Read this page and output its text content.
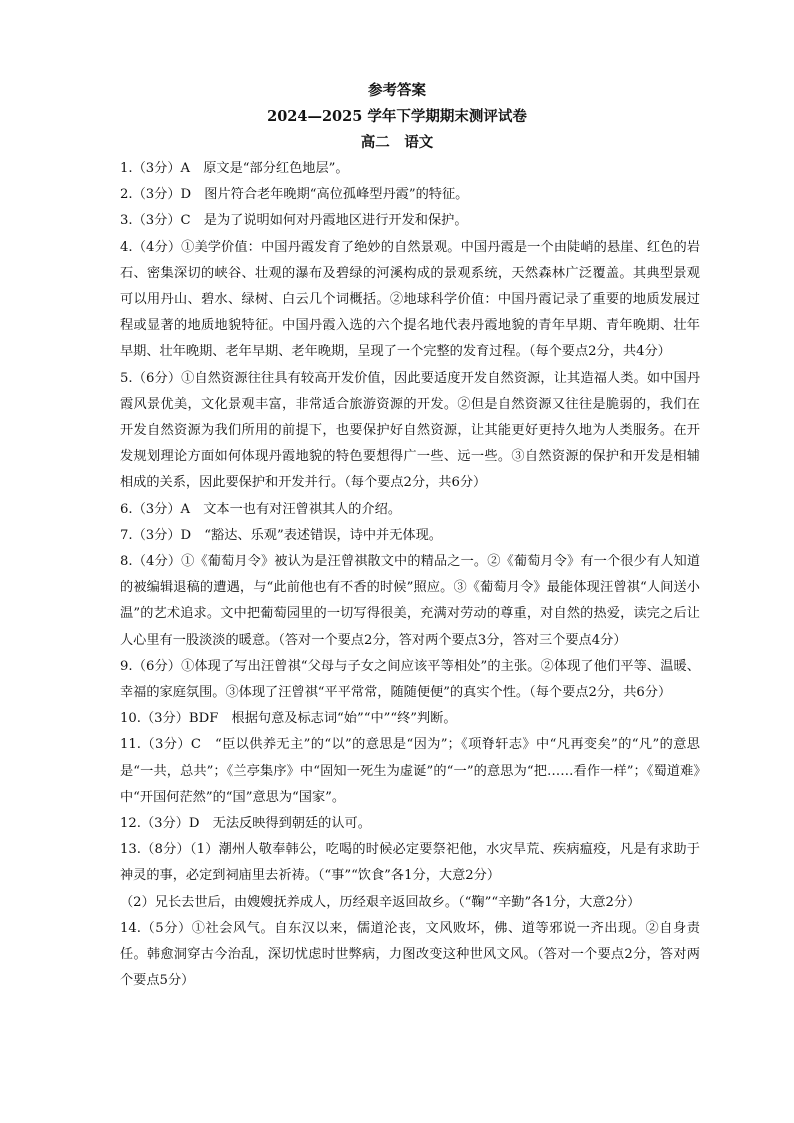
参考答案
2024—2025 学年下学期期末测评试卷
高二　语文

1.（3分）A　原文是“部分红色地层”。

2.（3分）D　图片符合老年晚期“高位孤峰型丹霞”的特征。

3.（3分）C　是为了说明如何对丹霞地区进行开发和保护。

4.（4分）①美学价值：中国丹霞发育了绝妙的自然景观。中国丹霞是一个由陡峭的悬崖、红色的岩石、密集深切的峡谷、壮观的瀑布及碧绿的河溪构成的景观系统，天然森林广泛覆盖。其典型景观可以用丹山、碧水、绿树、白云几个词概括。②地球科学价值：中国丹霞记录了重要的地质发展过程或显著的地质地貌特征。中国丹霞入选的六个提名地代表丹霞地貌的青年早期、青年晚期、壮年早期、壮年晚期、老年早期、老年晚期，呈现了一个完整的发育过程。（每个要点2分，共4分）

5.（6分）①自然资源往往具有较高开发价值，因此要适度开发自然资源，让其造福人类。如中国丹霞风景优美，文化景观丰富，非常适合旅游资源的开发。②但是自然资源又往往是脆弱的，我们在开发自然资源为我们所用的前提下，也要保护好自然资源，让其能更好更持久地为人类服务。在开发规划理论方面如何体现丹霞地貌的特色要想得广一些、远一些。③自然资源的保护和开发是相辅相成的关系，因此要保护和开发并行。（每个要点2分，共6分）

6.（3分）A　文本一也有对汪曾祺其人的介绍。

7.（3分）D　“豁达、乐观”表述错误，诗中并无体现。

8.（4分）①《葡萄月令》被认为是汪曾祺散文中的精品之一。②《葡萄月令》有一个很少有人知道的被编辑退稿的遭遇，与“此前他也有不香的时候”照应。③《葡萄月令》最能体现汪曾祺“人间送小温”的艺术追求。文中把葡萄园里的一切写得很美，充满对劳动的尊重，对自然的热爱，读完之后让人心里有一股淡淡的暖意。（答对一个要点2分，答对两个要点3分，答对三个要点4分）

9.（6分）①体现了写出汪曾祺“父母与子女之间应该平等相处”的主张。②体现了他们平等、温暖、幸福的家庭氛围。③体现了汪曾祺“平平常常，随随便便”的真实个性。（每个要点2分，共6分）

10.（3分）BDF　根据句意及标志词“始”“中”“终”判断。

11.（3分）C　“臣以供养无主”的“以”的意思是“因为”；《项脊轩志》中“凡再变矣”的“凡”的意思是“一共，总共”；《兰亭集序》中“固知一死生为虚诞”的“一”的意思为“把……看作一样”；《蜀道难》中“开国何茫然”的“国”意思为“国家”。

12.（3分）D　无法反映得到朝廷的认可。

13.（8分）（1）潮州人敬奉韩公，吃喝的时候必定要祭祀他，水灾旱荒、疾病瘟疫，凡是有求助于神灵的事，必定到祠庙里去祈祷。（“事”“饮食”各1分，大意2分）

（2）兄长去世后，由嫂嫂抚养成人，历经艰辛返回故乡。（“鞠”“辛勤”各1分，大意2分）

14.（5分）①社会风气。自东汉以来，儒道沦丧，文风败坏，佛、道等邪说一齐出现。②自身责任。韩愈洞穿古今治乱，深切忧虑时世弊病，力图改变这种世风文风。（答对一个要点2分，答对两个要点5分）
